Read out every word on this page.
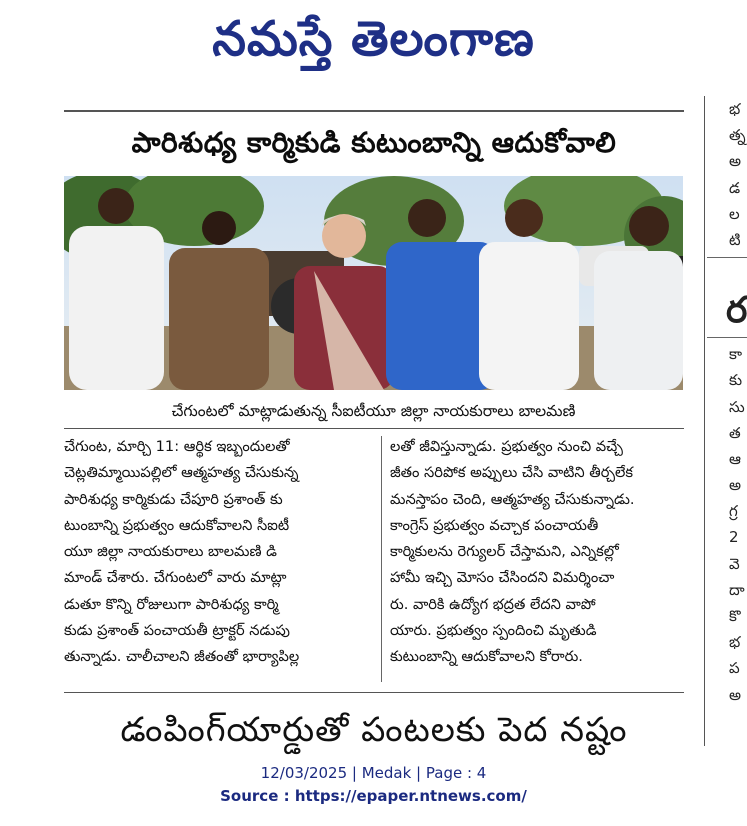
నమస్తే తెలంగాణ
పారిశుధ్య కార్మికుడి కుటుంబాన్ని ఆదుకోవాలి
చేగుంటలో మాట్లాడుతున్న సీఐటీయూ జిల్లా నాయకురాలు బాలమణి
చేగుంట, మార్చి 11: ఆర్థిక ఇబ్బందులతో
చెట్లతిమ్మాయిపల్లిలో ఆత్మహత్య చేసుకున్న
పారిశుధ్య కార్మికుడు చేపూరి ప్రశాంత్ కు
టుంబాన్ని ప్రభుత్వం ఆదుకోవాలని సీఐటీ
యూ జిల్లా నాయకురాలు బాలమణి డి
మాండ్ చేశారు. చేగుంటలో వారు మాట్లా
డుతూ కొన్ని రోజులుగా పారిశుధ్య కార్మి
కుడు ప్రశాంత్ పంచాయతీ ట్రాక్టర్ నడుపు
తున్నాడు. చాలీచాలని జీతంతో భార్యాపిల్ల
లతో జీవిస్తున్నాడు. ప్రభుత్వం నుంచి వచ్చే
జీతం సరిపోక అప్పులు చేసి వాటిని తీర్చలేక
మనస్తాపం చెంది, ఆత్మహత్య చేసుకున్నాడు.
కాంగ్రెస్ ప్రభుత్వం వచ్చాక పంచాయతీ
కార్మికులను రెగ్యులర్ చేస్తామని, ఎన్నికల్లో
హామీ ఇచ్చి మోసం చేసిందని విమర్శించా
రు. వారికి ఉద్యోగ భద్రత లేదని వాపో
యారు. ప్రభుత్వం స్పందించి మృతుడి
కుటుంబాన్ని ఆదుకోవాలని కోరారు.
డంపింగ్‌యార్డుతో పంటలకు పెద నష్టం
భ
త్న
అ
డ
ల
టి
ర
కా
కు
సు
త
ఆ
అ
గ్ర
2
వె
దా
కొ
భ
ప
అ
12/03/2025 | Medak | Page : 4
Source : https://epaper.ntnews.com/
